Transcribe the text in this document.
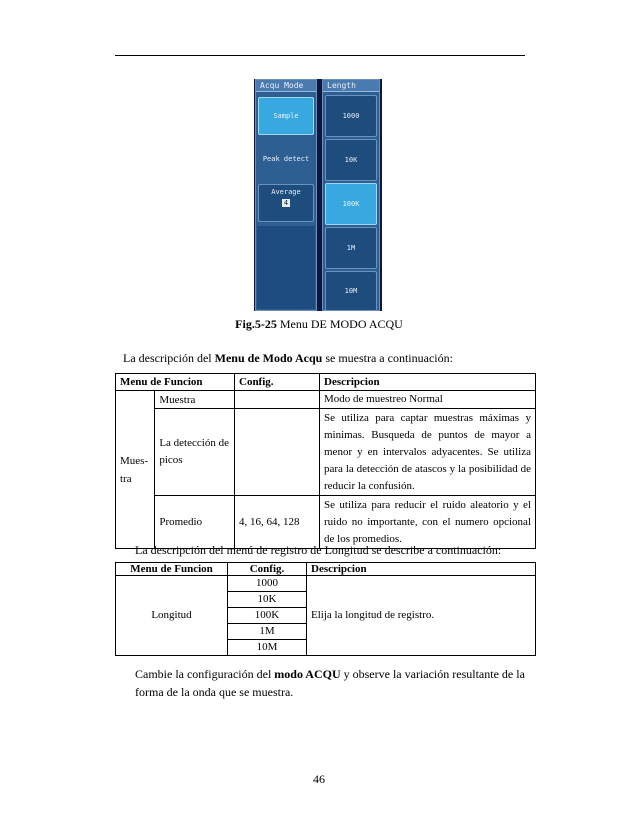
Acqu Mode
Sample
Peak detect
Average
4
Length
1000
10K
100K
1M
10M
Fig.5-25 Menu DE MODO ACQU
La descripción del Menu de Modo Acqu se muestra a continuación:
Menu de Funcion		Config.	Descripcion

Mues-tra	Muestra		Modo de muestreo Normal
	La detección de picos		Se utiliza para captar muestras máximas y minimas. Busqueda de puntos de mayor a menor y en intervalos adyacentes. Se utiliza para la detección de atascos y la posibilidad de reducir la confusión.
	Promedio	4, 16, 64, 128	Se utiliza para reducir el ruido aleatorio y el ruido no importante, con el numero opcional de los promedios.
La descripción del menú de registro de Longitud se describe a continuación:
Menu de Funcion	Config.	Descripcion
Longitud	1000	Elija la longitud de registro.
	10K	
	100K	
	1M	
	10M	
Cambie la configuración del modo ACQU y observe la variación resultante de la forma de la onda que se muestra.
46
